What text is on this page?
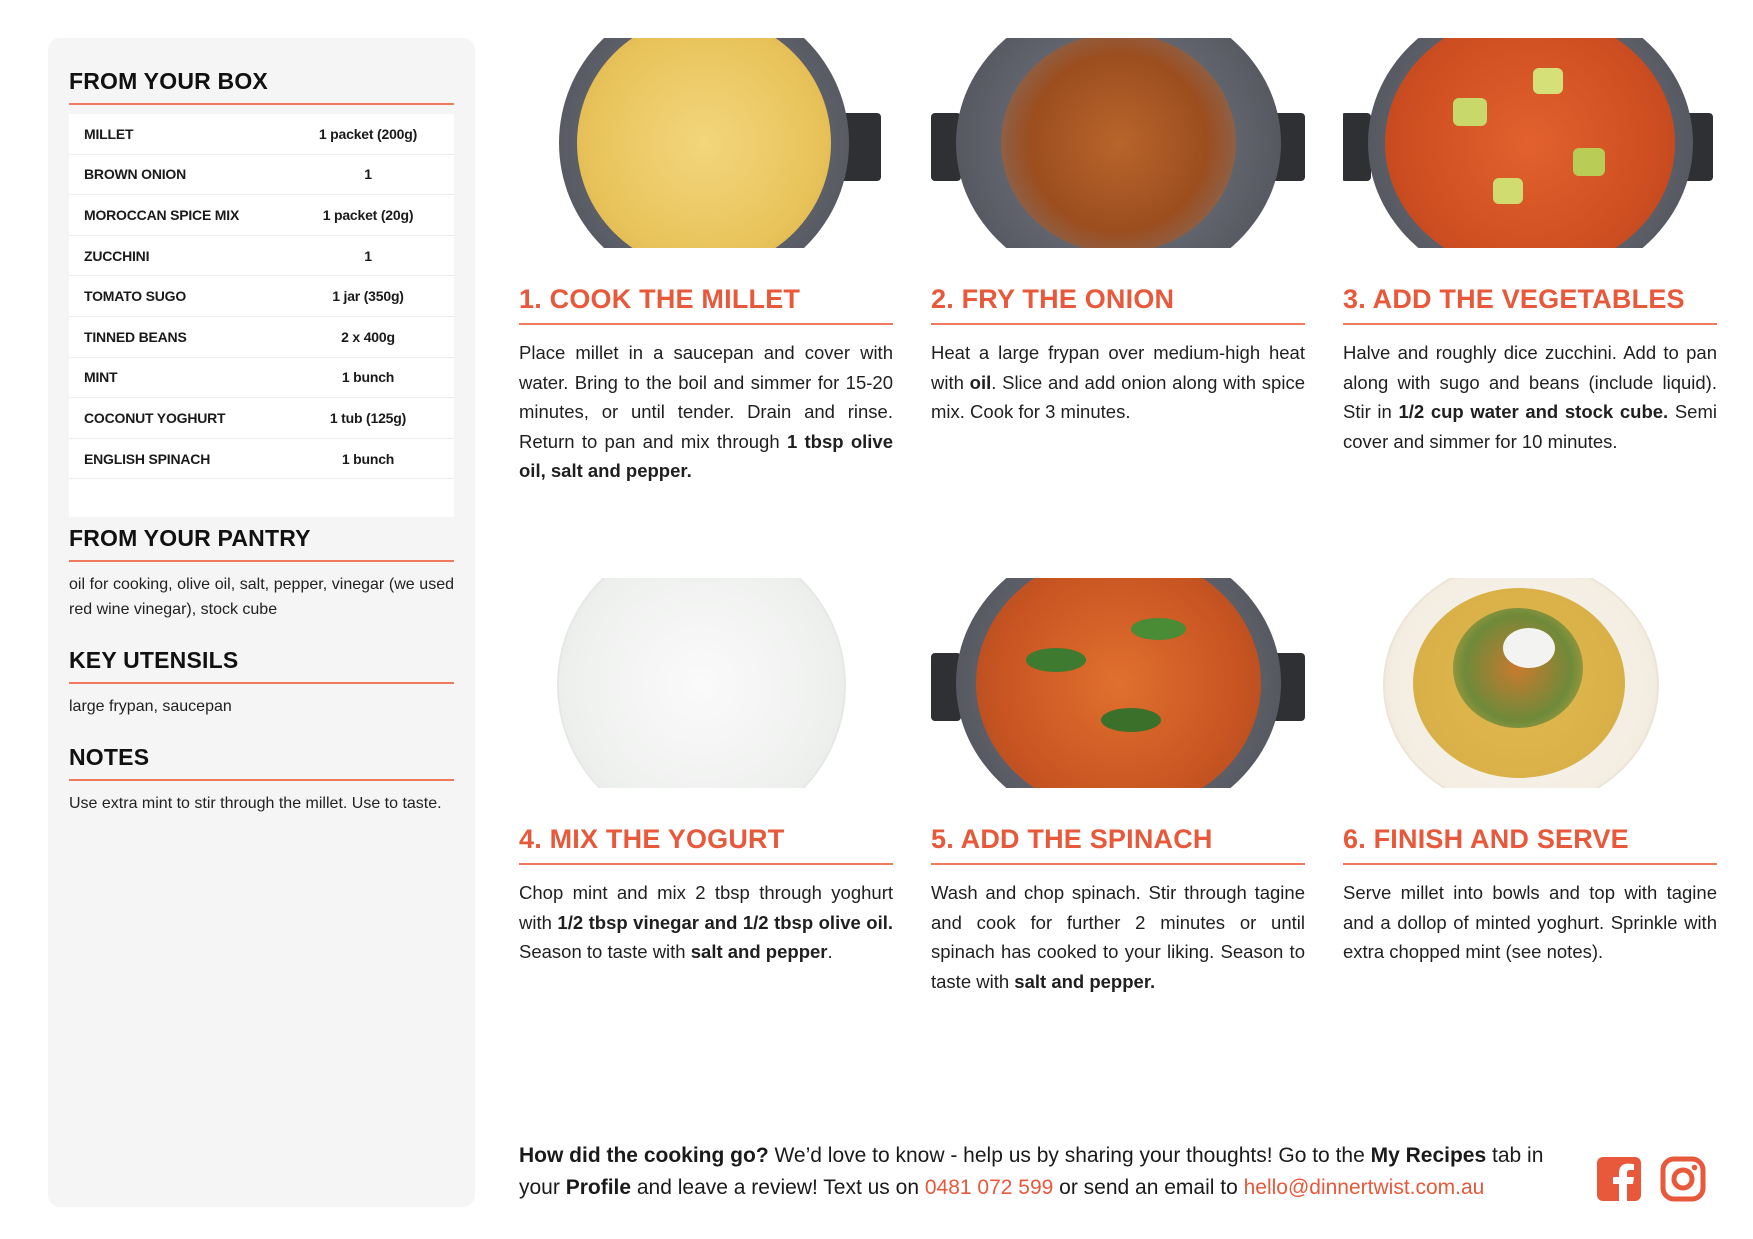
FROM YOUR BOX
MILLET	1 packet (200g)
BROWN ONION	1
MOROCCAN SPICE MIX	1 packet (20g)
ZUCCHINI	1
TOMATO SUGO	1 jar (350g)
TINNED BEANS	2 x 400g
MINT	1 bunch
COCONUT YOGHURT	1 tub (125g)
ENGLISH SPINACH	1 bunch

FROM YOUR PANTRY
oil for cooking, olive oil, salt, pepper, vinegar (we used red wine vinegar), stock cube
KEY UTENSILS
large frypan, saucepan
NOTES
Use extra mint to stir through the millet. Use to taste.
1. COOK THE MILLET
Place millet in a saucepan and cover with water. Bring to the boil and simmer for 15-20 minutes, or until tender. Drain and rinse. Return to pan and mix through 1 tbsp olive oil, salt and pepper.
2. FRY THE ONION
Heat a large frypan over medium-high heat with oil. Slice and add onion along with spice mix. Cook for 3 minutes.
3. ADD THE VEGETABLES
Halve and roughly dice zucchini. Add to pan along with sugo and beans (include liquid). Stir in 1/2 cup water and stock cube. Semi cover and simmer for 10 minutes.
4. MIX THE YOGURT
Chop mint and mix 2 tbsp through yoghurt with 1/2 tbsp vinegar and 1/2 tbsp olive oil. Season to taste with salt and pepper.
5. ADD THE SPINACH
Wash and chop spinach. Stir through tagine and cook for further 2 minutes or until spinach has cooked to your liking. Season to taste with salt and pepper.
6. FINISH AND SERVE
Serve millet into bowls and top with tagine and a dollop of minted yoghurt. Sprinkle with extra chopped mint (see notes).
How did the cooking go? We’d love to know - help us by sharing your thoughts! Go to the My Recipes tab in your Profile and leave a review! Text us on 0481 072 599 or send an email to hello@dinnertwist.com.au
